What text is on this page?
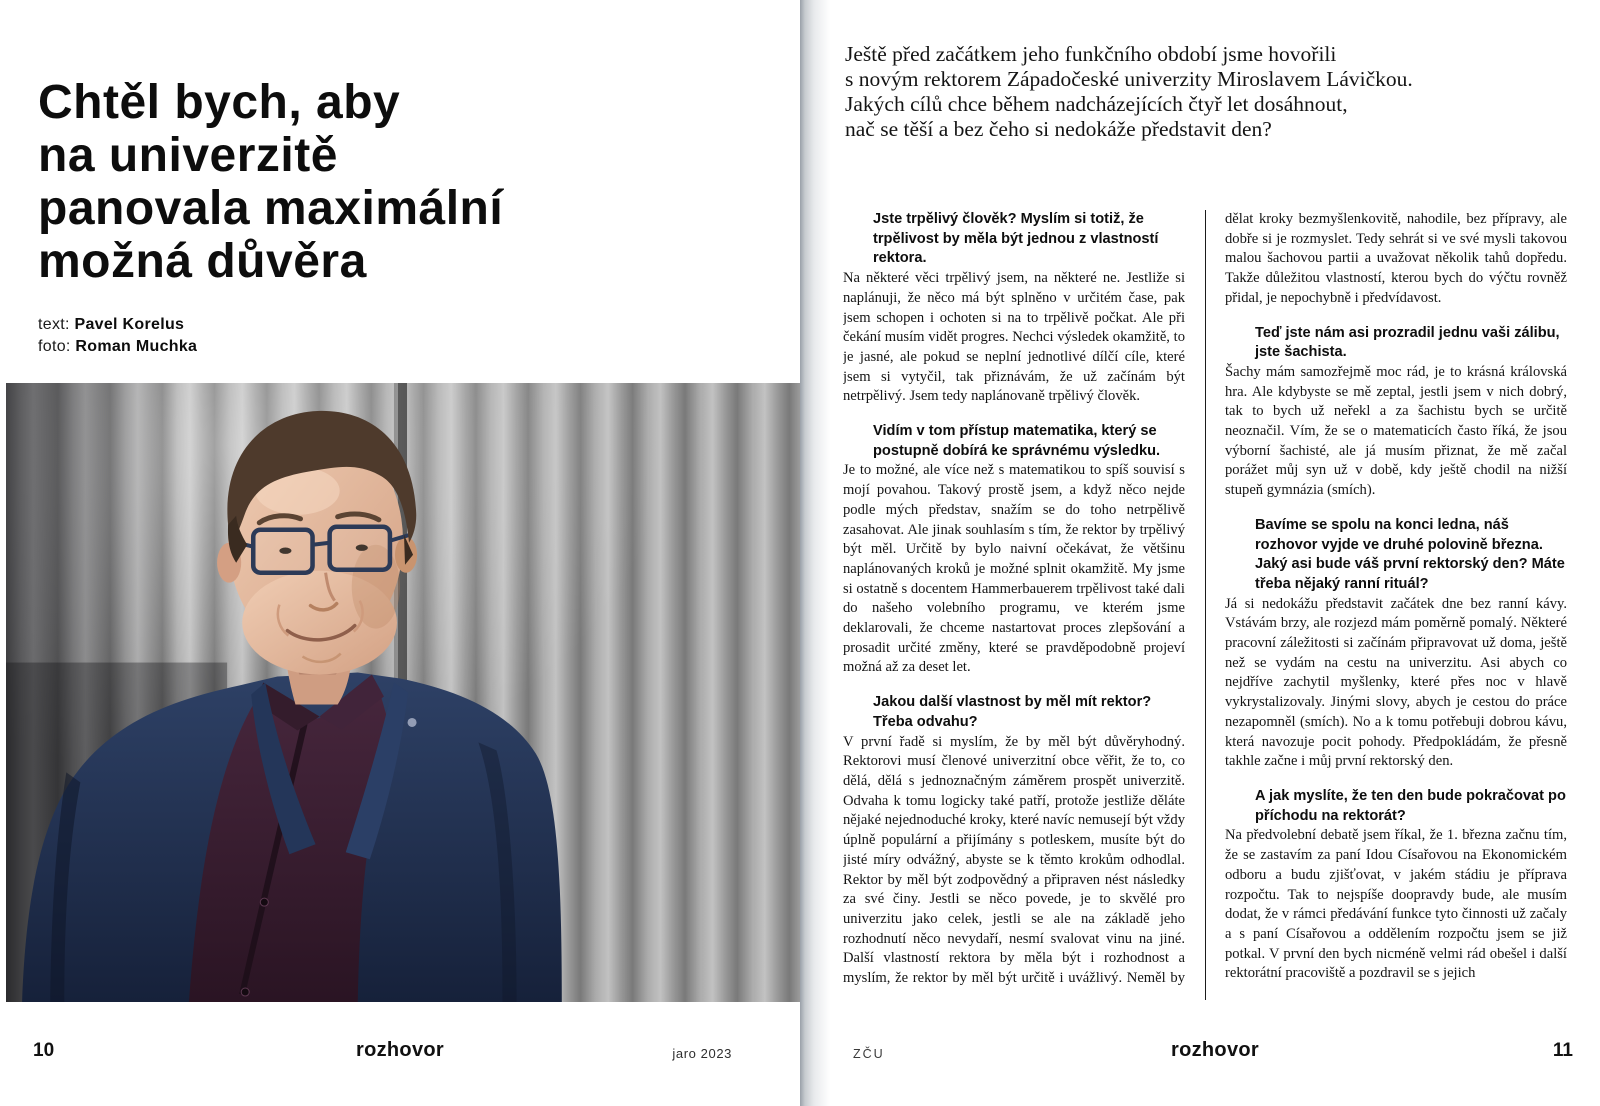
Chtěl bych, aby
na univerzitě
panovala maximální
možná důvěra
text: Pavel Korelus
foto: Roman Muchka
10	rozhovor	jaro 2023
Ještě před začátkem jeho funkčního období jsme hovořili
s novým rektorem Západočeské univerzity Miroslavem Lávičkou.
Jakých cílů chce během nadcházejících čtyř let dosáhnout,
nač se těší a bez čeho si nedokáže představit den?

Jste trpělivý člověk? Myslím si totiž, že trpělivost by měla být jednou z vlastností rektora.

Na některé věci trpělivý jsem, na některé ne. Jestliže si naplánuji, že něco má být splněno v určitém čase, pak jsem schopen i ochoten si na to trpělivě počkat. Ale při čekání musím vidět progres. Nechci výsledek okamžitě, to je jasné, ale pokud se neplní jednotlivé dílčí cíle, které jsem si vytyčil, tak přiznávám, že už začínám být netrpělivý. Jsem tedy naplánovaně trpělivý člověk.

Vidím v tom přístup matematika, který se postupně dobírá ke správnému výsledku.

Je to možné, ale více než s matematikou to spíš souvisí s mojí povahou. Takový prostě jsem, a když něco nejde podle mých představ, snažím se do toho netrpělivě zasahovat. Ale jinak souhlasím s tím, že rektor by trpělivý být měl. Určitě by bylo naivní očekávat, že většinu naplánovaných kroků je možné splnit okamžitě. My jsme si ostatně s docentem Hammerbauerem trpělivost také dali do našeho volebního programu, ve kterém jsme deklarovali, že chceme nastartovat proces zlepšování a prosadit určité změny, které se pravděpodobně projeví možná až za deset let.

Jakou další vlastnost by měl mít rektor? Třeba odvahu?

V první řadě si myslím, že by měl být důvěryhodný. Rektorovi musí členové univerzitní obce věřit, že to, co dělá, dělá s jednoznačným záměrem prospět univerzitě. Odvaha k tomu logicky také patří, protože jestliže děláte nějaké nejednoduché kroky, které navíc nemusejí být vždy úplně populární a přijímány s potleskem, musíte být do jisté míry odvážný, abyste se k těmto krokům odhodlal. Rektor by měl být zodpovědný a připraven nést následky za své činy. Jestli se něco povede, je to skvělé pro univerzitu jako celek, jestli se ale na základě jeho rozhodnutí něco nevydaří, nesmí svalovat vinu na jiné. Další vlastností rektora by měla být i rozhodnost a myslím, že rektor by měl být určitě i uvážlivý. Neměl by dělat kroky bezmyšlenkovitě, nahodile, bez přípravy, ale dobře si je rozmyslet. Tedy sehrát si ve své mysli takovou malou šachovou partii a uvažovat několik tahů dopředu. Takže důležitou vlastností, kterou bych do výčtu rovněž přidal, je nepochybně i předvídavost.

Teď jste nám asi prozradil jednu vaši zálibu, jste šachista.

Šachy mám samozřejmě moc rád, je to krásná královská hra. Ale kdybyste se mě zeptal, jestli jsem v nich dobrý, tak to bych už neřekl a za šachistu bych se určitě neoznačil. Vím, že se o matematicích často říká, že jsou výborní šachisté, ale já musím přiznat, že mě začal porážet můj syn už v době, kdy ještě chodil na nižší stupeň gymnázia (smích).

Bavíme se spolu na konci ledna, náš rozhovor vyjde ve druhé polovině března. Jaký asi bude váš první rektorský den? Máte třeba nějaký ranní rituál?

Já si nedokážu představit začátek dne bez ranní kávy. Vstávám brzy, ale rozjezd mám poměrně pomalý. Některé pracovní záležitosti si začínám připravovat už doma, ještě než se vydám na cestu na univerzitu. Asi abych co nejdříve zachytil myšlenky, které přes noc v hlavě vykrystalizovaly. Jinými slovy, abych je cestou do práce nezapomněl (smích). No a k tomu potřebuji dobrou kávu, která navozuje pocit pohody. Předpokládám, že přesně takhle začne i můj první rektorský den.

A jak myslíte, že ten den bude pokračovat po příchodu na rektorát?

Na předvolební debatě jsem říkal, že 1. března začnu tím, že se zastavím za paní Idou Císařovou na Ekonomickém odboru a budu zjišťovat, v jakém stádiu je příprava rozpočtu. Tak to nejspíše doopravdy bude, ale musím dodat, že v rámci předávání funkce tyto činnosti už začaly a s paní Císařovou a oddělením rozpočtu jsem se již potkal. V první den bych nicméně velmi rád obešel i další rektorátní pracoviště a pozdravil se s jejich

ZČU	rozhovor	11
